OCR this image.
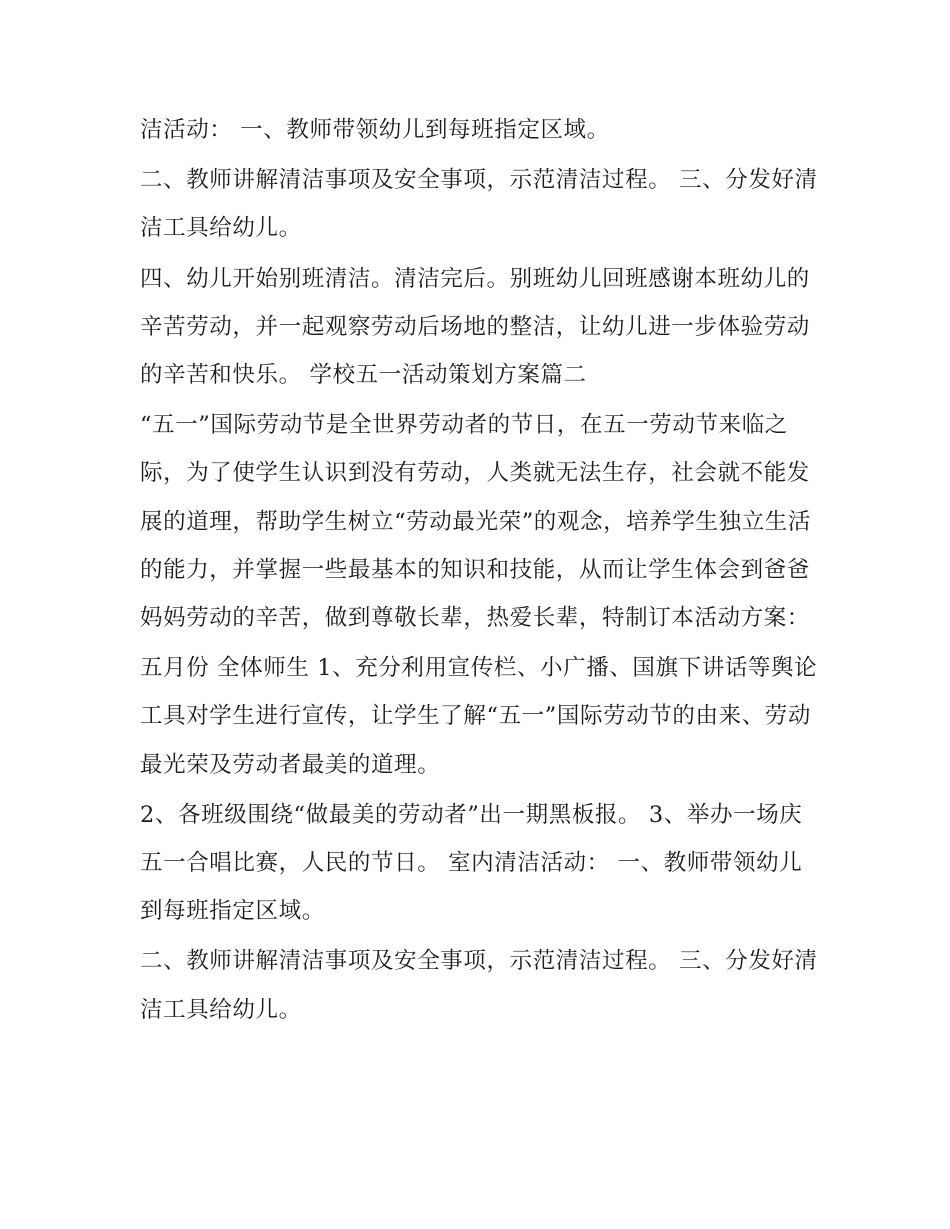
洁活动： 一、教师带领幼儿到每班指定区域。

二、教师讲解清洁事项及安全事项，示范清洁过程。 三、分发好清洁工具给幼儿。

四、幼儿开始别班清洁。清洁完后。别班幼儿回班感谢本班幼儿的辛苦劳动，并一起观察劳动后场地的整洁，让幼儿进一步体验劳动的辛苦和快乐。 学校五一活动策划方案篇二

“五一”国际劳动节是全世界劳动者的节日，在五一劳动节来临之际，为了使学生认识到没有劳动，人类就无法生存，社会就不能发展的道理，帮助学生树立“劳动最光荣”的观念，培养学生独立生活的能力，并掌握一些最基本的知识和技能，从而让学生体会到爸爸妈妈劳动的辛苦，做到尊敬长辈，热爱长辈，特制订本活动方案：

五月份 全体师生 1、充分利用宣传栏、小广播、国旗下讲话等舆论工具对学生进行宣传，让学生了解“五一”国际劳动节的由来、劳动最光荣及劳动者最美的道理。

2、各班级围绕“做最美的劳动者”出一期黑板报。 3、举办一场庆五一合唱比赛，人民的节日。 室内清洁活动： 一、教师带领幼儿到每班指定区域。

二、教师讲解清洁事项及安全事项，示范清洁过程。 三、分发好清洁工具给幼儿。
